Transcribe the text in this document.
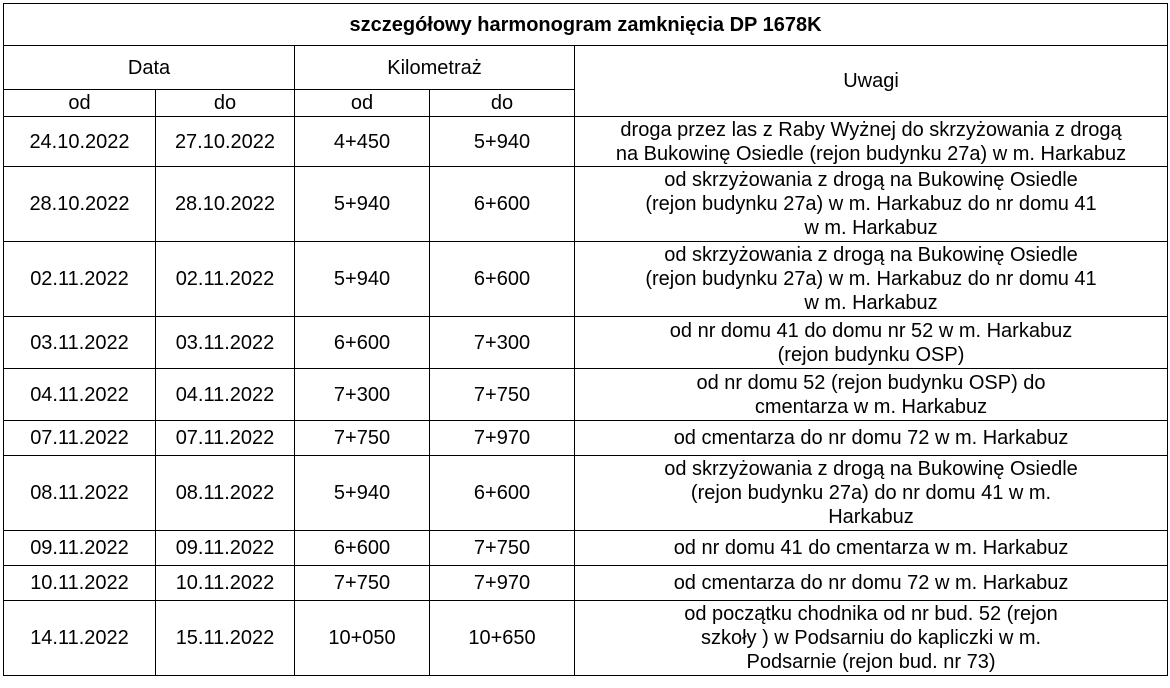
szczegółowy harmonogram zamknięcia DP 1678K				
Data		Kilometraż		Uwagi
od	do	od	do	
24.10.2022	27.10.2022	4+450	5+940	droga przez las z Raby Wyżnej do skrzyżowania z drogą
na Bukowinę Osiedle (rejon budynku 27a) w m. Harkabuz

28.10.2022	28.10.2022	5+940	6+600	od skrzyżowania z drogą na Bukowinę Osiedle
(rejon budynku 27a) w m. Harkabuz do nr domu 41
w m. Harkabuz

02.11.2022	02.11.2022	5+940	6+600	od skrzyżowania z drogą na Bukowinę Osiedle
(rejon budynku 27a) w m. Harkabuz do nr domu 41
w m. Harkabuz

03.11.2022	03.11.2022	6+600	7+300	od nr domu 41 do domu nr 52 w m. Harkabuz
(rejon budynku OSP)

04.11.2022	04.11.2022	7+300	7+750	od nr domu 52 (rejon budynku OSP) do
cmentarza w m. Harkabuz

07.11.2022	07.11.2022	7+750	7+970	od cmentarza do nr domu 72 w m. Harkabuz

08.11.2022	08.11.2022	5+940	6+600	od skrzyżowania z drogą na Bukowinę Osiedle
(rejon budynku 27a) do nr domu 41 w m.
Harkabuz

09.11.2022	09.11.2022	6+600	7+750	od nr domu 41 do cmentarza w m. Harkabuz

10.11.2022	10.11.2022	7+750	7+970	od cmentarza do nr domu 72 w m. Harkabuz

14.11.2022	15.11.2022	10+050	10+650	od początku chodnika od nr bud. 52 (rejon
szkoły ) w Podsarniu do kapliczki w m.
Podsarnie (rejon bud. nr 73)
